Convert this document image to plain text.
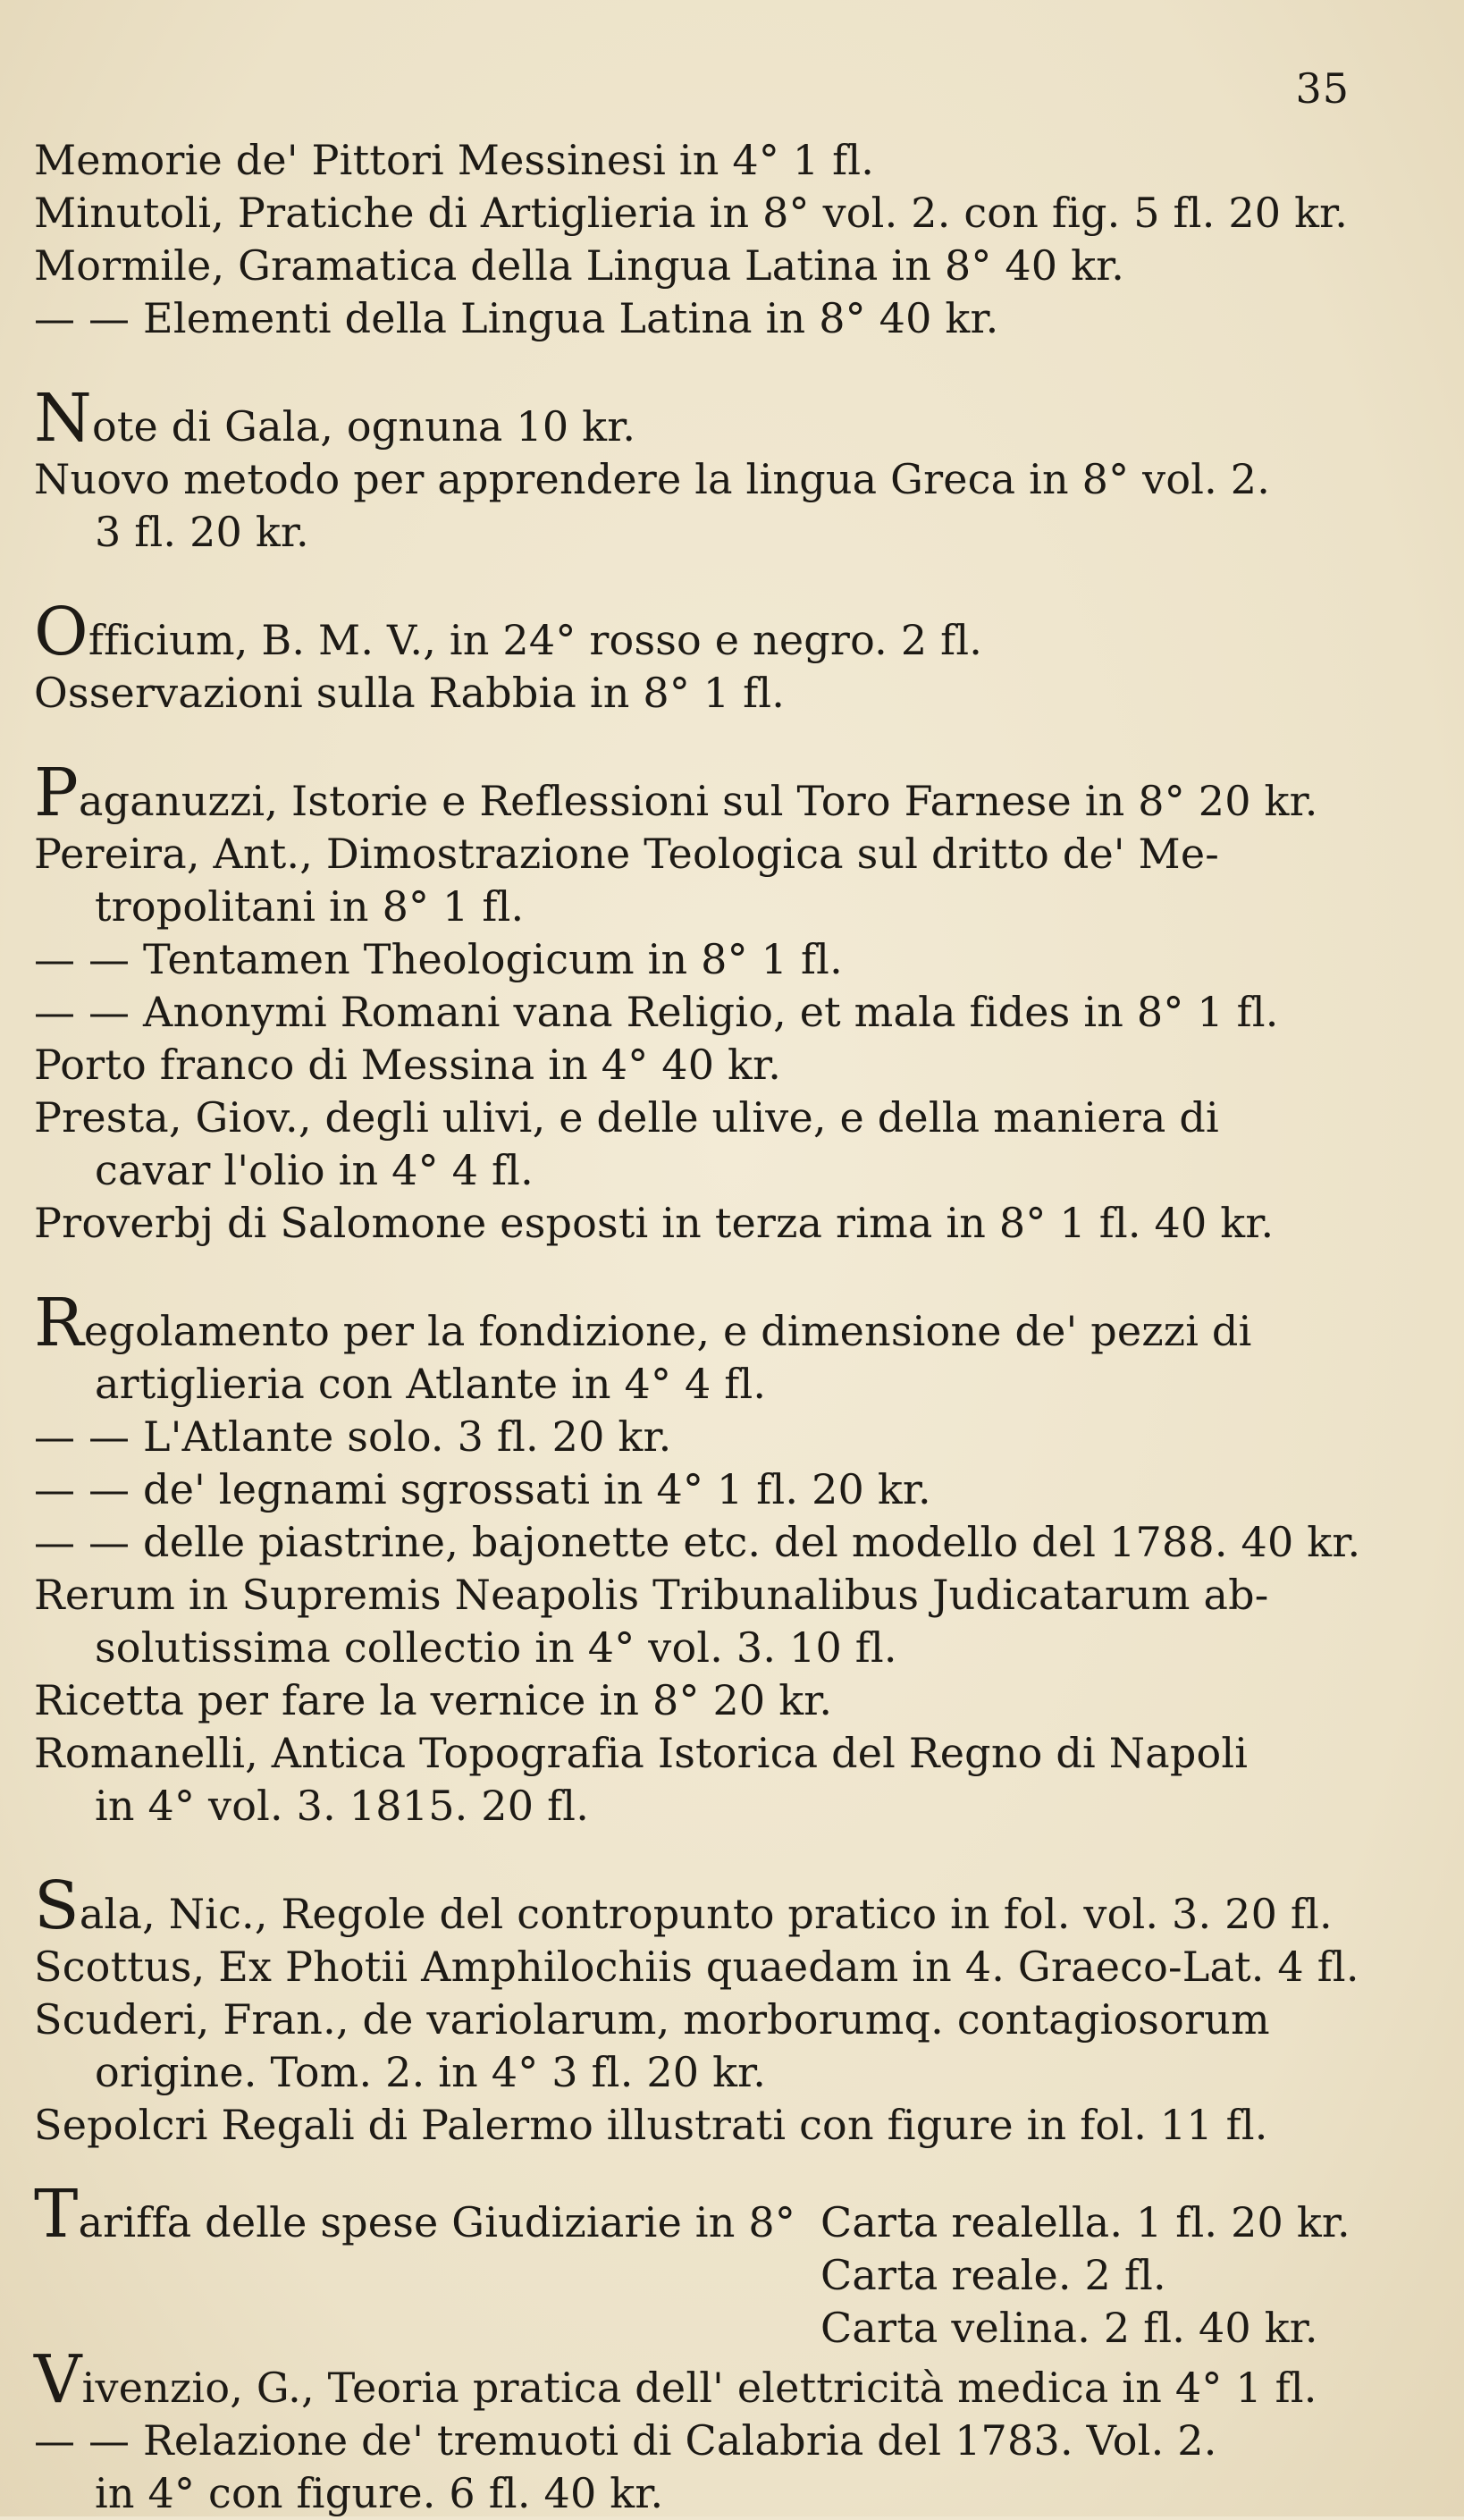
35
Memorie de' Pittori Messinesi in 4° 1 fl.
Minutoli, Pratiche di Artiglieria in 8° vol. 2. con fig. 5 fl. 20 kr.
Mormile, Gramatica della Lingua Latina in 8° 40 kr.
— — Elementi della Lingua Latina in 8° 40 kr.
Note di Gala, ognuna 10 kr.
Nuovo metodo per apprendere la lingua Greca in 8° vol. 2.
3 fl. 20 kr.
Officium, B. M. V., in 24° rosso e negro. 2 fl.
Osservazioni sulla Rabbia in 8° 1 fl.
Paganuzzi, Istorie e Reflessioni sul Toro Farnese in 8° 20 kr.
Pereira, Ant., Dimostrazione Teologica sul dritto de' Me-
tropolitani in 8° 1 fl.
— — Tentamen Theologicum in 8° 1 fl.
— — Anonymi Romani vana Religio, et mala fides in 8° 1 fl.
Porto franco di Messina in 4° 40 kr.
Presta, Giov., degli ulivi, e delle ulive, e della maniera di
cavar l'olio in 4° 4 fl.
Proverbj di Salomone esposti in terza rima in 8° 1 fl. 40 kr.
Regolamento per la fondizione, e dimensione de' pezzi di
artiglieria con Atlante in 4° 4 fl.
— — L'Atlante solo. 3 fl. 20 kr.
— — de' legnami sgrossati in 4° 1 fl. 20 kr.
— — delle piastrine, bajonette etc. del modello del 1788. 40 kr.
Rerum in Supremis Neapolis Tribunalibus Judicatarum ab-
solutissima collectio in 4° vol. 3. 10 fl.
Ricetta per fare la vernice in 8° 20 kr.
Romanelli, Antica Topografia Istorica del Regno di Napoli
in 4° vol. 3. 1815. 20 fl.
Sala, Nic., Regole del contropunto pratico in fol. vol. 3. 20 fl.
Scottus, Ex Photii Amphilochiis quaedam in 4. Graeco-Lat. 4 fl.
Scuderi, Fran., de variolarum, morborumq. contagiosorum
origine. Tom. 2. in 4° 3 fl. 20 kr.
Sepolcri Regali di Palermo illustrati con figure in fol. 11 fl.
Tariffa delle spese Giudiziarie in 8° Carta realella. 1 fl. 20 kr.
Carta reale. 2 fl.
Carta velina. 2 fl. 40 kr.
Vivenzio, G., Teoria pratica dell' elettricità medica in 4° 1 fl.
— — Relazione de' tremuoti di Calabria del 1783. Vol. 2.
in 4° con figure. 6 fl. 40 kr.
